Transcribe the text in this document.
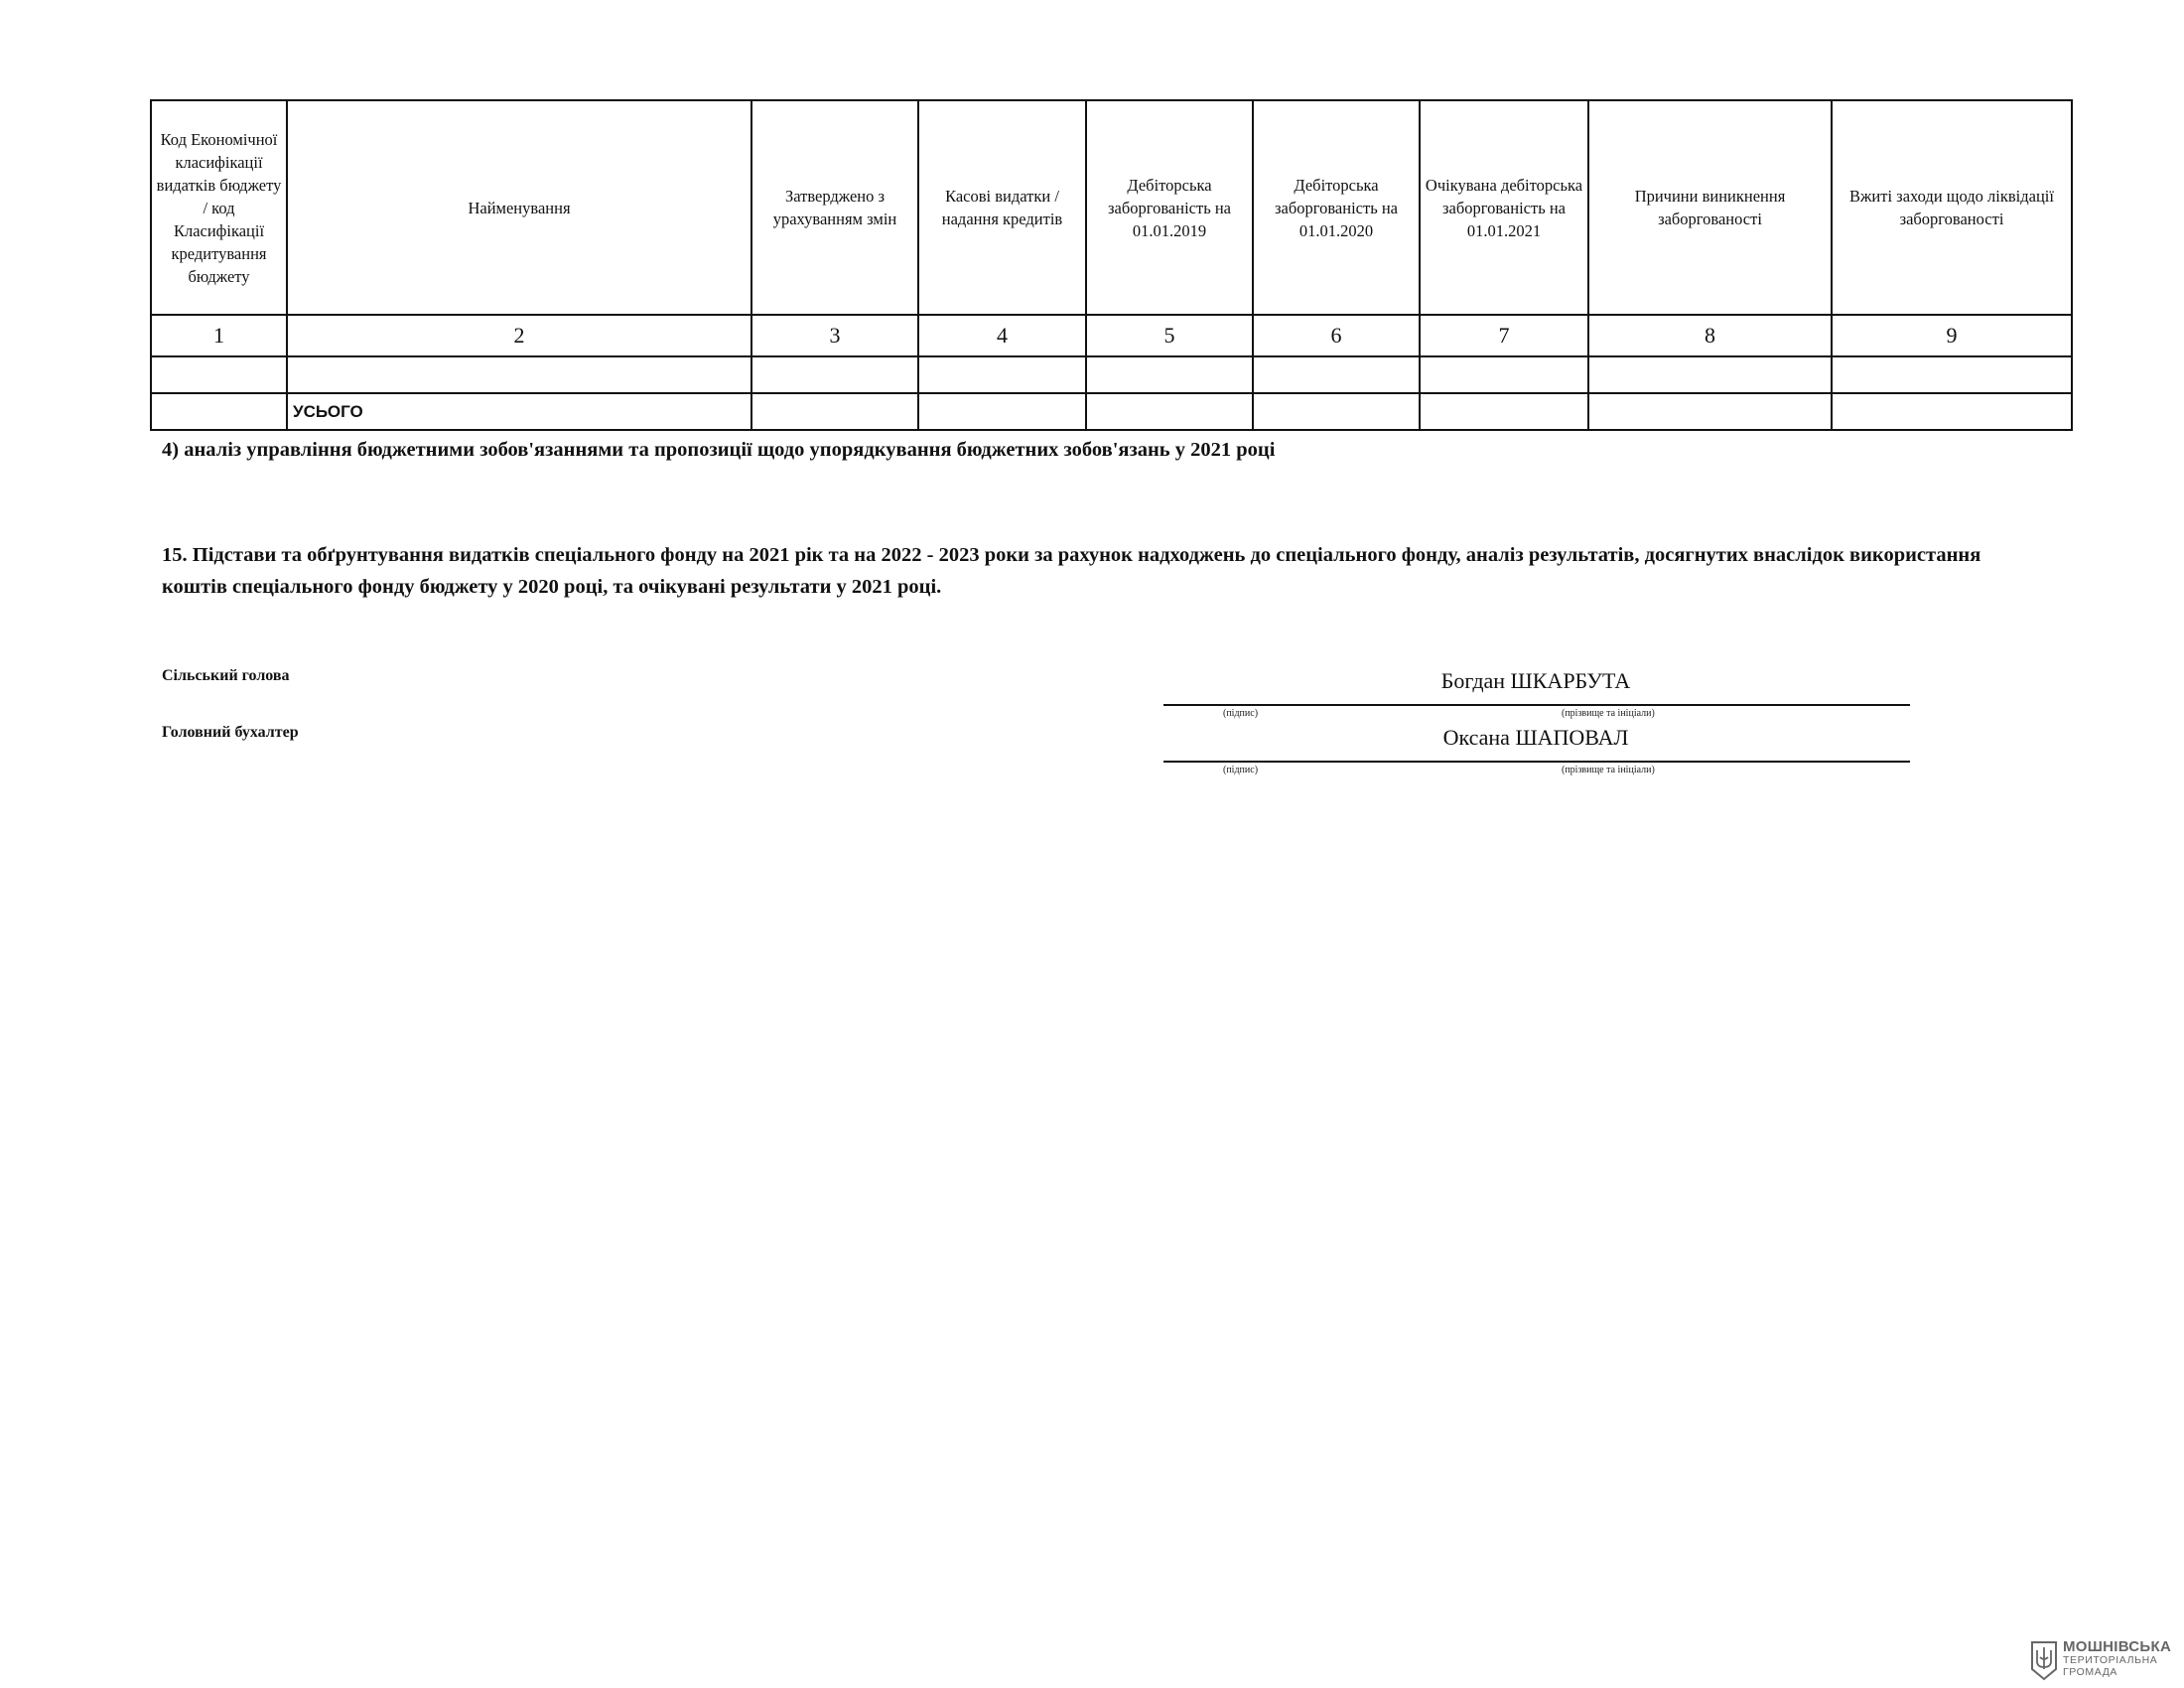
Код Економічної класифікації видатків бюджету / код Класифікації кредитування бюджету	Найменування	Затверджено з урахуванням змін	Касові видатки / надання кредитів	Дебіторська заборгованість на 01.01.2019	Дебіторська заборгованість на 01.01.2020	Очікувана дебіторська заборгованість на 01.01.2021	Причини виникнення заборгованості	Вжиті заходи щодо ліквідації заборгованості
1	2	3	4	5	6	7	8	9

	УСЬОГО							
4) аналіз управління бюджетними зобов'язаннями та пропозиції щодо упорядкування бюджетних зобов'язань у 2021 році
15. Підстави та обґрунтування видатків спеціального фонду на 2021 рік та на 2022 - 2023 роки за рахунок надходжень до спеціального фонду, аналіз результатів, досягнутих внаслідок використання коштів спеціального фонду бюджету у 2020 році, та очікувані результати у 2021 році.
Сільський голова	Богдан ШКАРБУТА
(підпис)	(прізвище та ініціали)
Головний бухалтер	Оксана ШАПОВАЛ
(підпис)	(прізвище та ініціали)
МОШНІВСЬКА
ТЕРИТОРІАЛЬНА
ГРОМАДА
